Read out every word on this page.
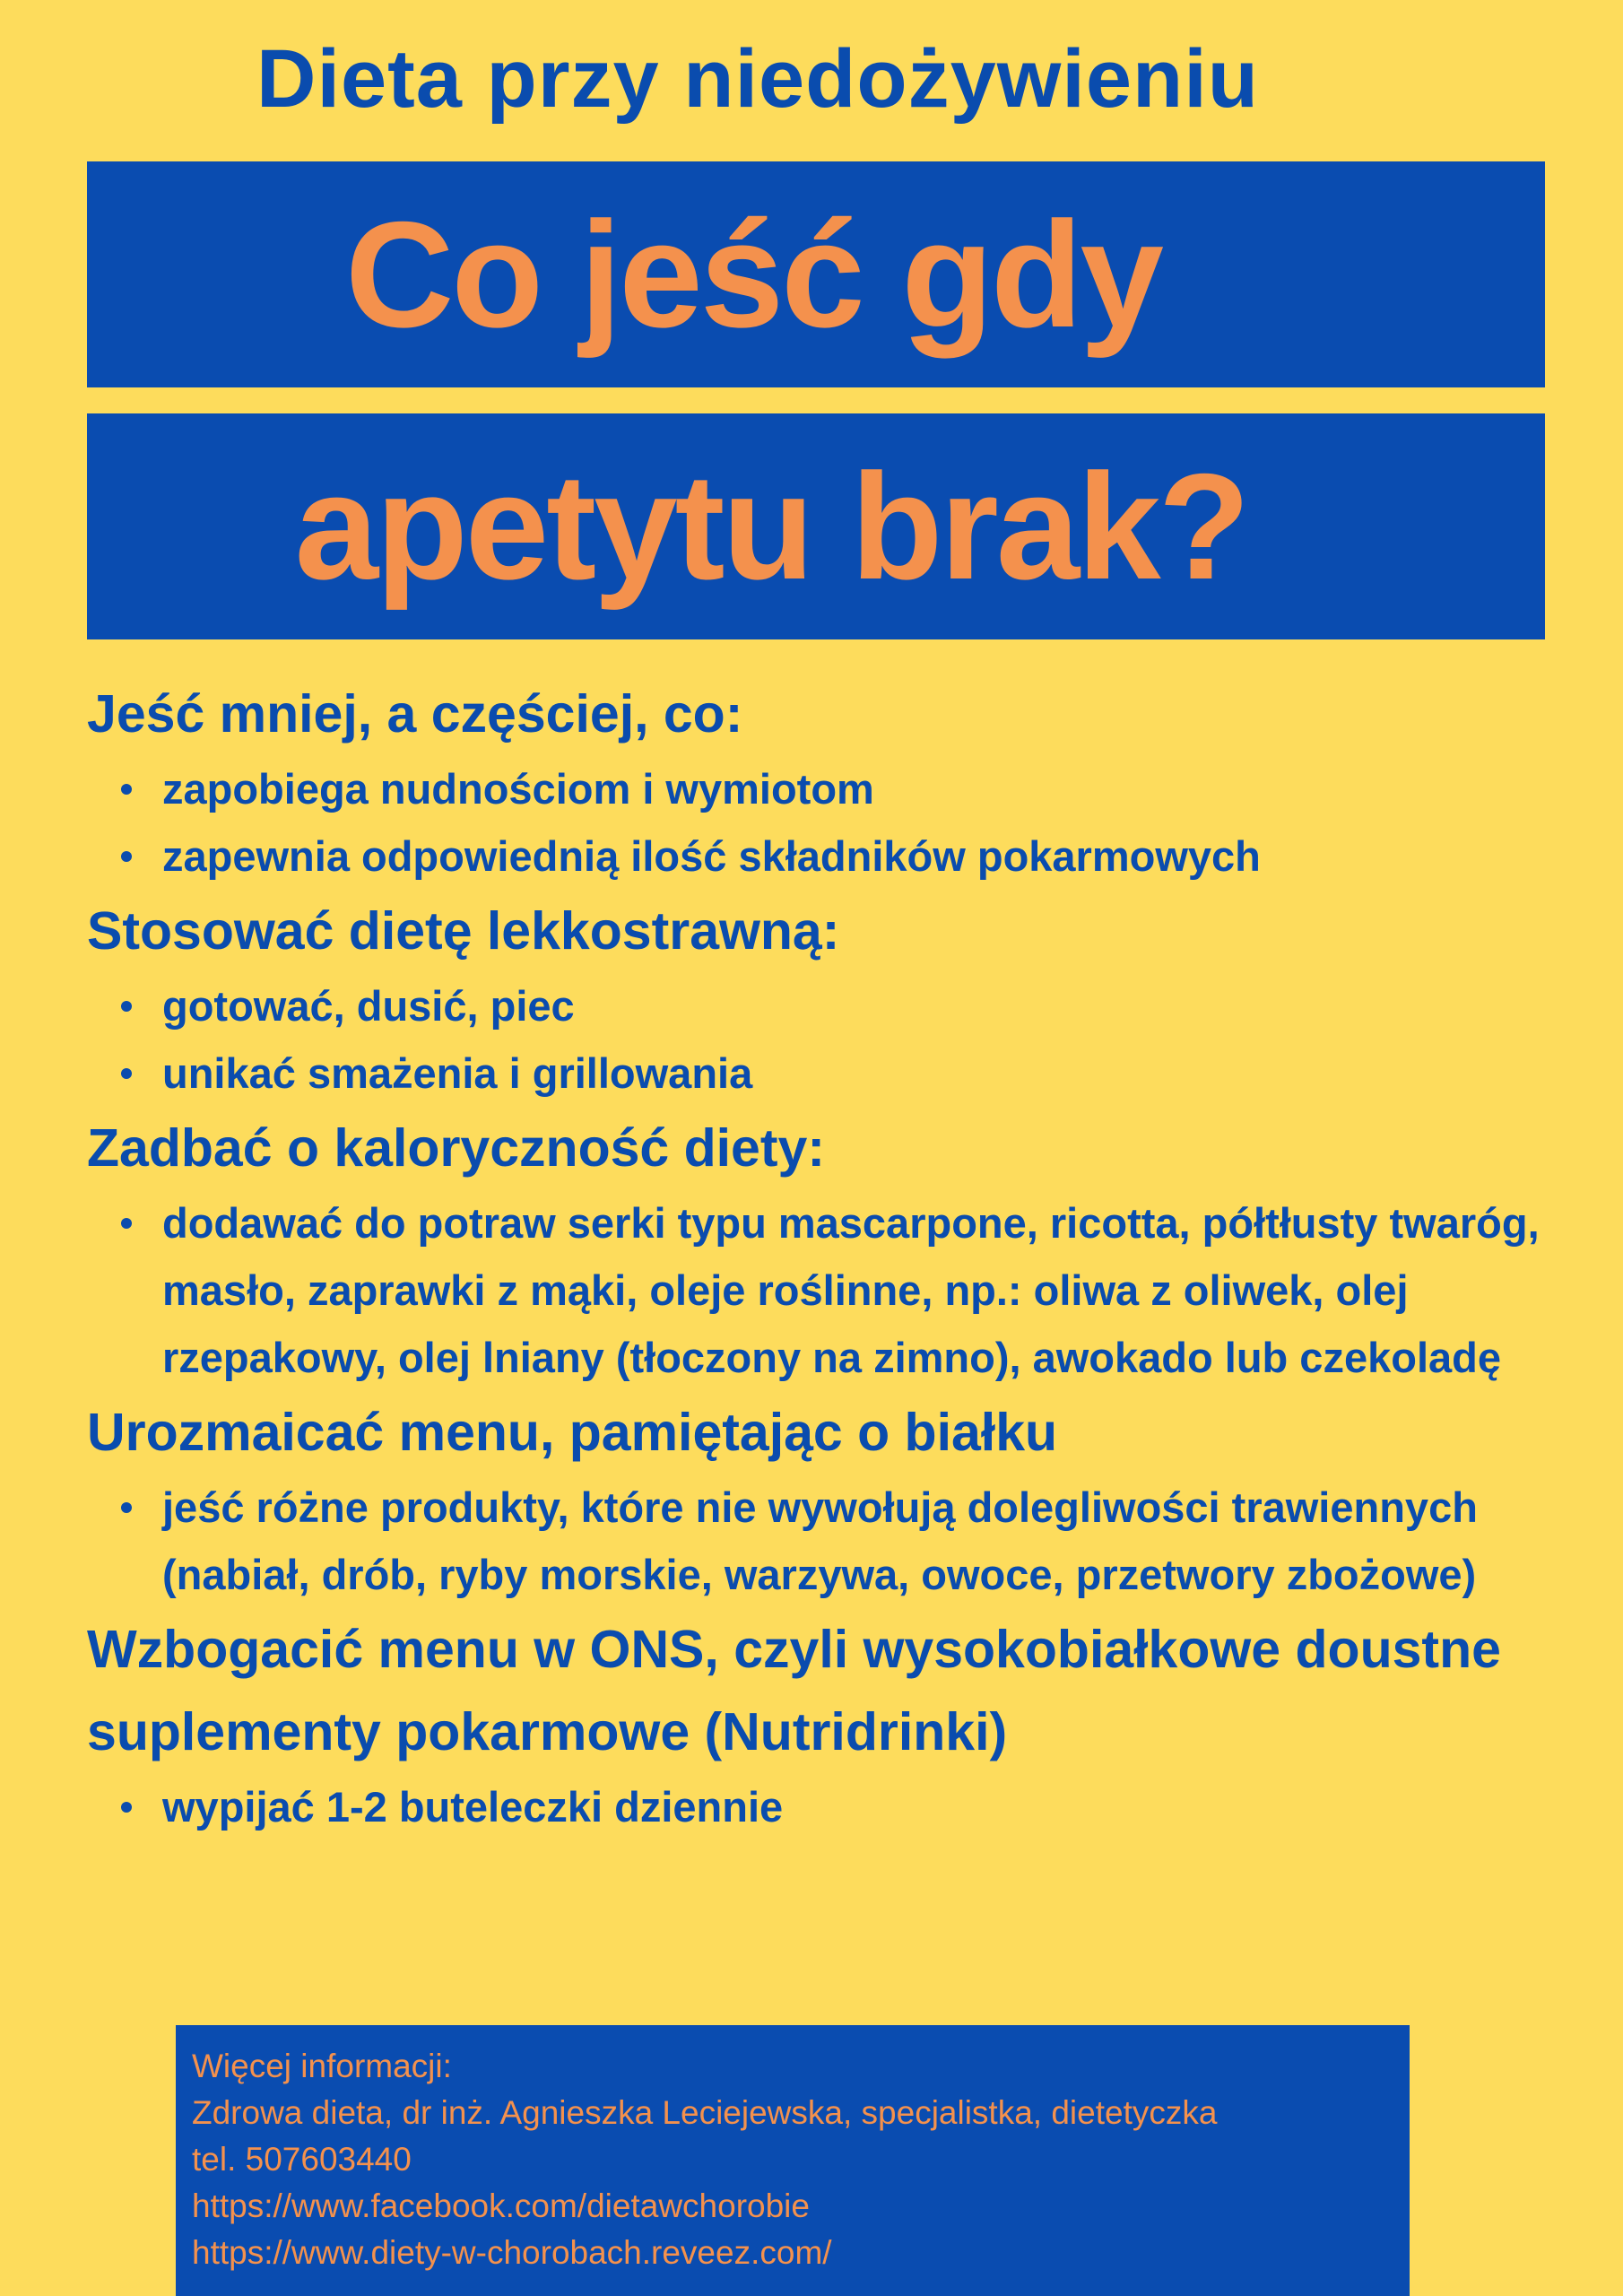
Dieta przy niedożywieniu
Co jeść gdy
apetytu brak?
Jeść mniej, a częściej, co:
zapobiega nudnościom i wymiotom
zapewnia odpowiednią ilość składników pokarmowych
Stosować dietę lekkostrawną:
gotować, dusić, piec
unikać smażenia i grillowania
Zadbać o kaloryczność diety:
dodawać do potraw serki typu mascarpone, ricotta, półtłusty twaróg, masło, zaprawki z mąki, oleje roślinne, np.: oliwa z oliwek, olej rzepakowy, olej lniany (tłoczony na zimno), awokado lub czekoladę
Urozmaicać menu, pamiętając o białku
jeść różne produkty, które nie wywołują dolegliwości trawiennych (nabiał, drób, ryby morskie, warzywa, owoce, przetwory zbożowe)
Wzbogacić menu w ONS, czyli wysokobiałkowe doustne suplementy pokarmowe (Nutridrinki)
wypijać 1-2 buteleczki dziennie
Więcej informacji:
Zdrowa dieta, dr inż. Agnieszka Leciejewska, specjalistka, dietetyczka
tel. 507603440
https://www.facebook.com/dietawchorobie
https://www.diety-w-chorobach.reveez.com/
